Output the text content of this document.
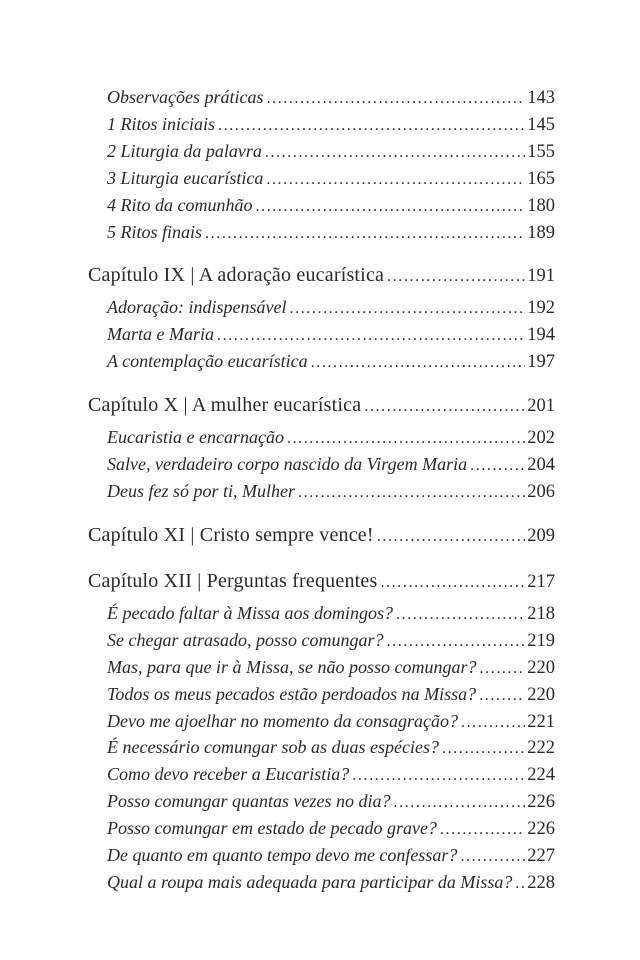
Observações práticas .....	143
1 Ritos iniciais .....	145
2 Liturgia da palavra .....	155
3 Liturgia eucarística .....	165
4 Rito da comunhão .....	180
5 Ritos finais .....	189
Capítulo IX | A adoração eucarística .....	191
Adoração: indispensável .....	192
Marta e Maria .....	194
A contemplação eucarística .....	197
Capítulo X | A mulher eucarística .....	201
Eucaristia e encarnação .....	202
Salve, verdadeiro corpo nascido da Virgem Maria .....	204
Deus fez só por ti, Mulher .....	206
Capítulo XI | Cristo sempre vence! .....	209
Capítulo XII | Perguntas frequentes .....	217
É pecado faltar à Missa aos domingos? .....	218
Se chegar atrasado, posso comungar? .....	219
Mas, para que ir à Missa, se não posso comungar? .....	220
Todos os meus pecados estão perdoados na Missa? .....	220
Devo me ajoelhar no momento da consagração? .....	221
É necessário comungar sob as duas espécies? .....	222
Como devo receber a Eucaristia? .....	224
Posso comungar quantas vezes no dia? .....	226
Posso comungar em estado de pecado grave? .....	226
De quanto em quanto tempo devo me confessar? .....	227
Qual a roupa mais adequada para participar da Missa? ..... 228
